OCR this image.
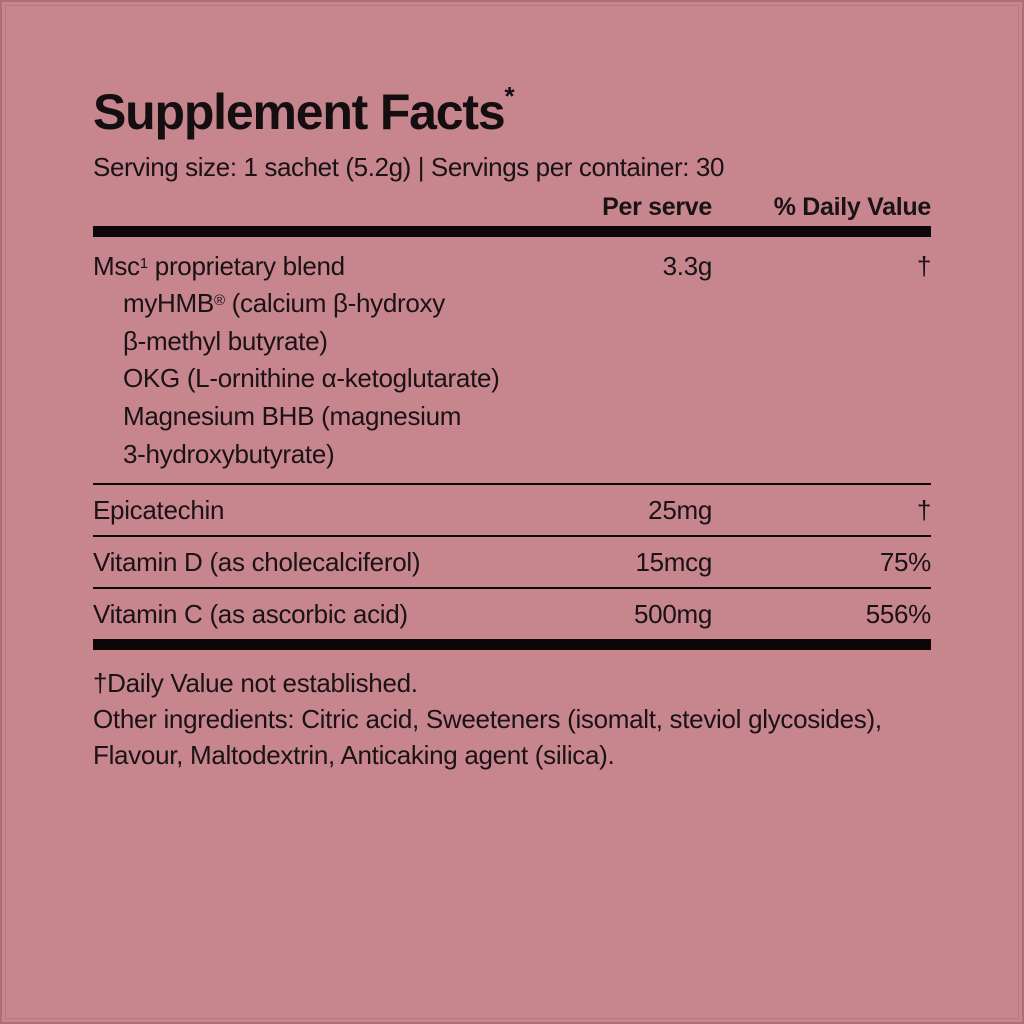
Supplement Facts*
Serving size: 1 sachet (5.2g) | Servings per container: 30
Per serve	% Daily Value
Msc$^1$ proprietary blend	3.3g	†
myHMB® (calcium β-hydroxy
β-methyl butyrate)
OKG (L-ornithine α-ketoglutarate)
Magnesium BHB (magnesium
3-hydroxybutyrate)
Epicatechin	25mg	†
Vitamin D (as cholecalciferol)	15mcg	75%
Vitamin C (as ascorbic acid)	500mg	556%
†Daily Value not established.
Other ingredients: Citric acid, Sweeteners (isomalt, steviol glycosides), Flavour, Maltodextrin, Anticaking agent (silica).
